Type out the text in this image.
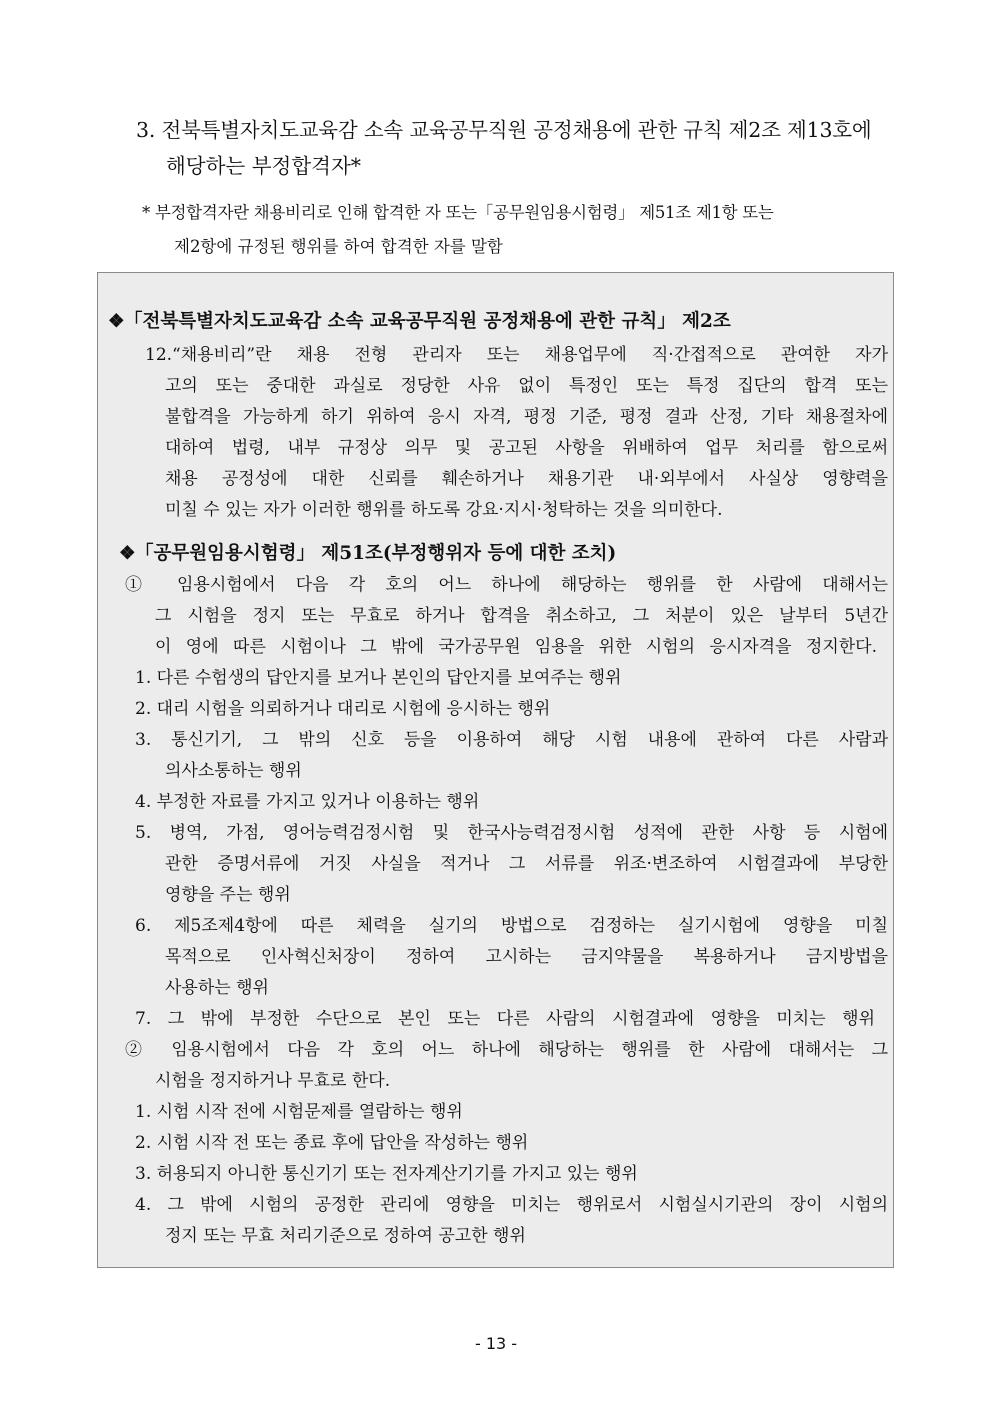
3. 전북특별자치도교육감 소속 교육공무직원 공정채용에 관한 규칙 제2조 제13호에
해당하는 부정합격자*
* 부정합격자란 채용비리로 인해 합격한 자 또는「공무원임용시험령」 제51조 제1항 또는
제2항에 규정된 행위를 하여 합격한 자를 말함
❖「전북특별자치도교육감 소속 교육공무직원 공정채용에 관한 규칙」 제2조
12.“채용비리”란 채용 전형 관리자 또는 채용업무에 직·간접적으로 관여한 자가
고의 또는 중대한 과실로 정당한 사유 없이 특정인 또는 특정 집단의 합격 또는
불합격을 가능하게 하기 위하여 응시 자격, 평정 기준, 평정 결과 산정, 기타 채용절차에
대하여 법령, 내부 규정상 의무 및 공고된 사항을 위배하여 업무 처리를 함으로써
채용 공정성에 대한 신뢰를 훼손하거나 채용기관 내·외부에서 사실상 영향력을
미칠 수 있는 자가 이러한 행위를 하도록 강요·지시·청탁하는 것을 의미한다.
❖「공무원임용시험령」 제51조(부정행위자 등에 대한 조치)
① 임용시험에서 다음 각 호의 어느 하나에 해당하는 행위를 한 사람에 대해서는
그 시험을 정지 또는 무효로 하거나 합격을 취소하고, 그 처분이 있은 날부터 5년간
이 영에 따른 시험이나 그 밖에 국가공무원 임용을 위한 시험의 응시자격을 정지한다.
1. 다른 수험생의 답안지를 보거나 본인의 답안지를 보여주는 행위
2. 대리 시험을 의뢰하거나 대리로 시험에 응시하는 행위
3. 통신기기, 그 밖의 신호 등을 이용하여 해당 시험 내용에 관하여 다른 사람과
의사소통하는 행위
4. 부정한 자료를 가지고 있거나 이용하는 행위
5. 병역, 가점, 영어능력검정시험 및 한국사능력검정시험 성적에 관한 사항 등 시험에
관한 증명서류에 거짓 사실을 적거나 그 서류를 위조·변조하여 시험결과에 부당한
영향을 주는 행위
6. 제5조제4항에 따른 체력을 실기의 방법으로 검정하는 실기시험에 영향을 미칠
목적으로 인사혁신처장이 정하여 고시하는 금지약물을 복용하거나 금지방법을
사용하는 행위
7. 그 밖에 부정한 수단으로 본인 또는 다른 사람의 시험결과에 영향을 미치는 행위
② 임용시험에서 다음 각 호의 어느 하나에 해당하는 행위를 한 사람에 대해서는 그
시험을 정지하거나 무효로 한다.
1. 시험 시작 전에 시험문제를 열람하는 행위
2. 시험 시작 전 또는 종료 후에 답안을 작성하는 행위
3. 허용되지 아니한 통신기기 또는 전자계산기기를 가지고 있는 행위
4. 그 밖에 시험의 공정한 관리에 영향을 미치는 행위로서 시험실시기관의 장이 시험의
정지 또는 무효 처리기준으로 정하여 공고한 행위
- 13 -
